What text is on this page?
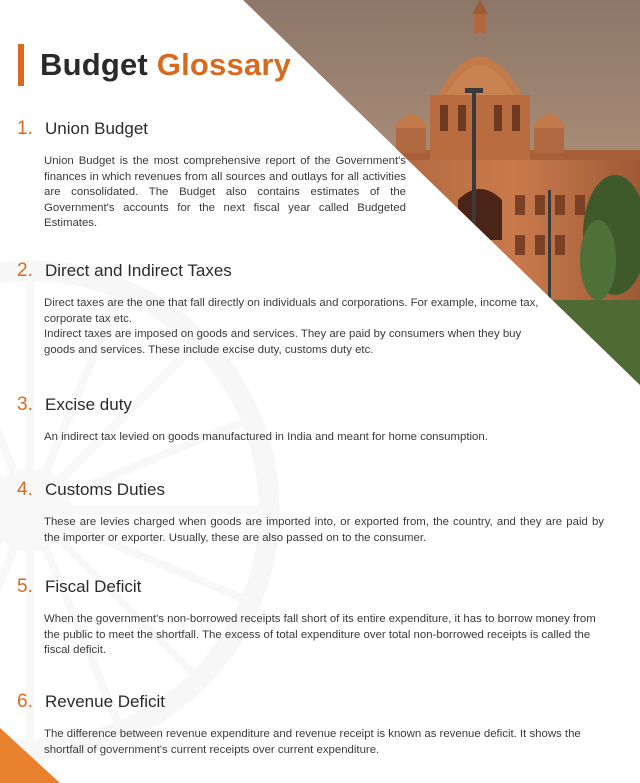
Budget Glossary
1. Union Budget

Union Budget is the most comprehensive report of the Government's finances in which revenues from all sources and outlays for all activities are consolidated. The Budget also contains estimates of the Government's accounts for the next fiscal year called Budgeted Estimates.

2. Direct and Indirect Taxes

Direct taxes are the one that fall directly on individuals and corporations. For example, income tax, corporate tax etc.

Indirect taxes are imposed on goods and services. They are paid by consumers when they buy goods and services. These include excise duty, customs duty etc.

3. Excise duty

An indirect tax levied on goods manufactured in India and meant for home consumption.

4. Customs Duties

These are levies charged when goods are imported into, or exported from, the country, and they are paid by the importer or exporter. Usually, these are also passed on to the consumer.

5. Fiscal Deficit

When the government's non-borrowed receipts fall short of its entire expenditure, it has to borrow money from the public to meet the shortfall. The excess of total expenditure over total non-borrowed receipts is called the fiscal deficit.

6. Revenue Deficit

The difference between revenue expenditure and revenue receipt is known as revenue deficit. It shows the shortfall of government's current receipts over current expenditure.
